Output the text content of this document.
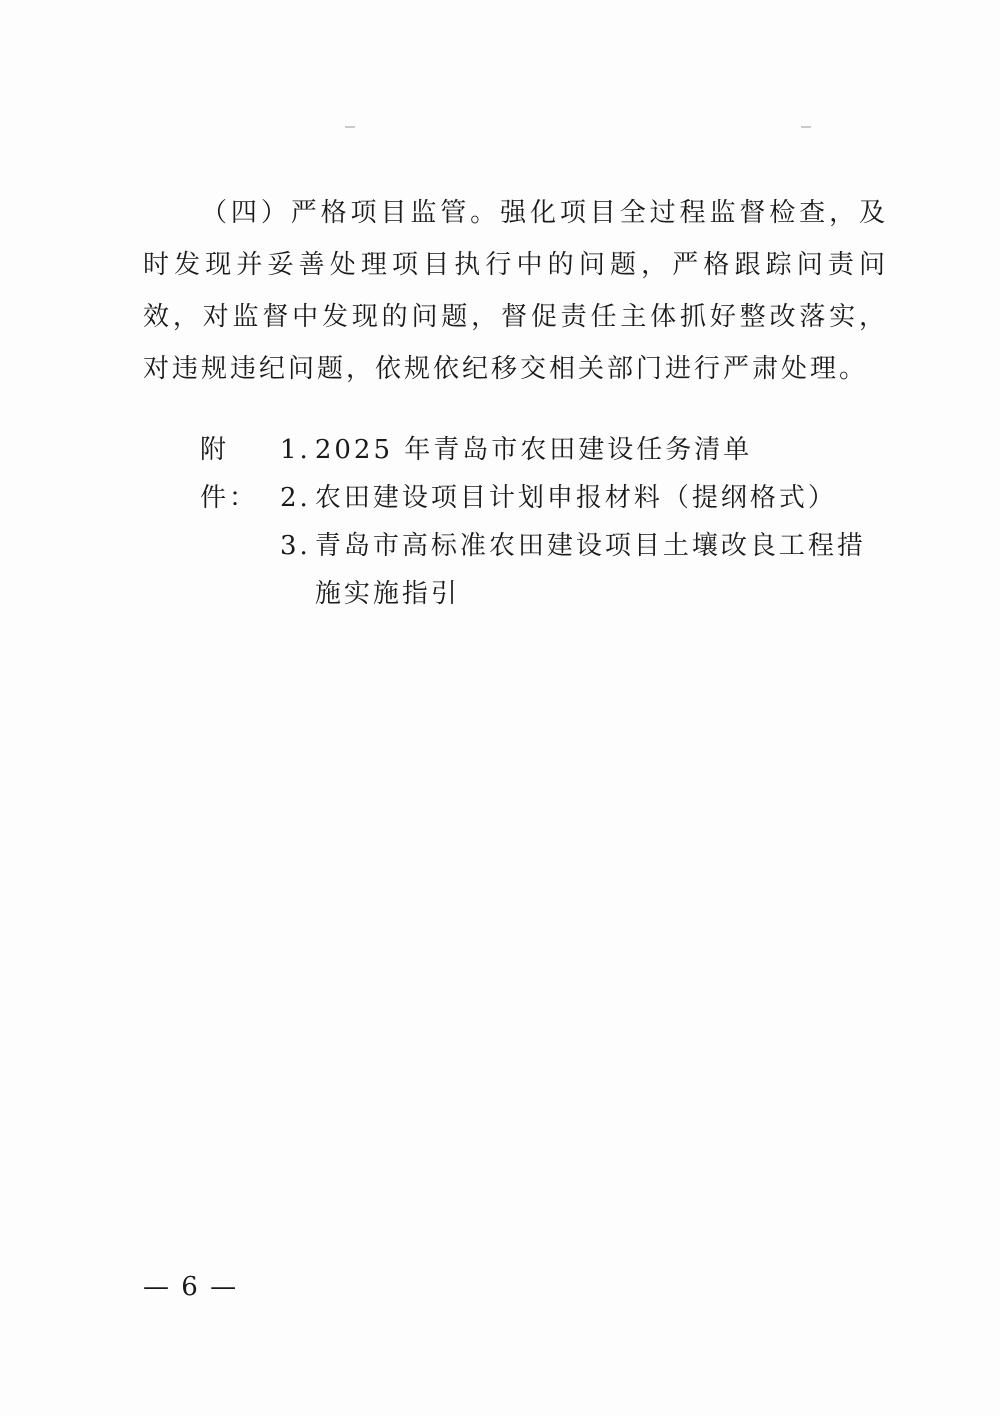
（四）严格项目监管。强化项目全过程监督检查，及时发现并妥善处理项目执行中的问题，严格跟踪问责问效，对监督中发现的问题，督促责任主体抓好整改落实，对违规违纪问题，依规依纪移交相关部门进行严肃处理。

附件：
1. 2025 年青岛市农田建设任务清单
2. 农田建设项目计划申报材料（提纲格式）
3. 青岛市高标准农田建设项目土壤改良工程措施实施指引
— 6 —
